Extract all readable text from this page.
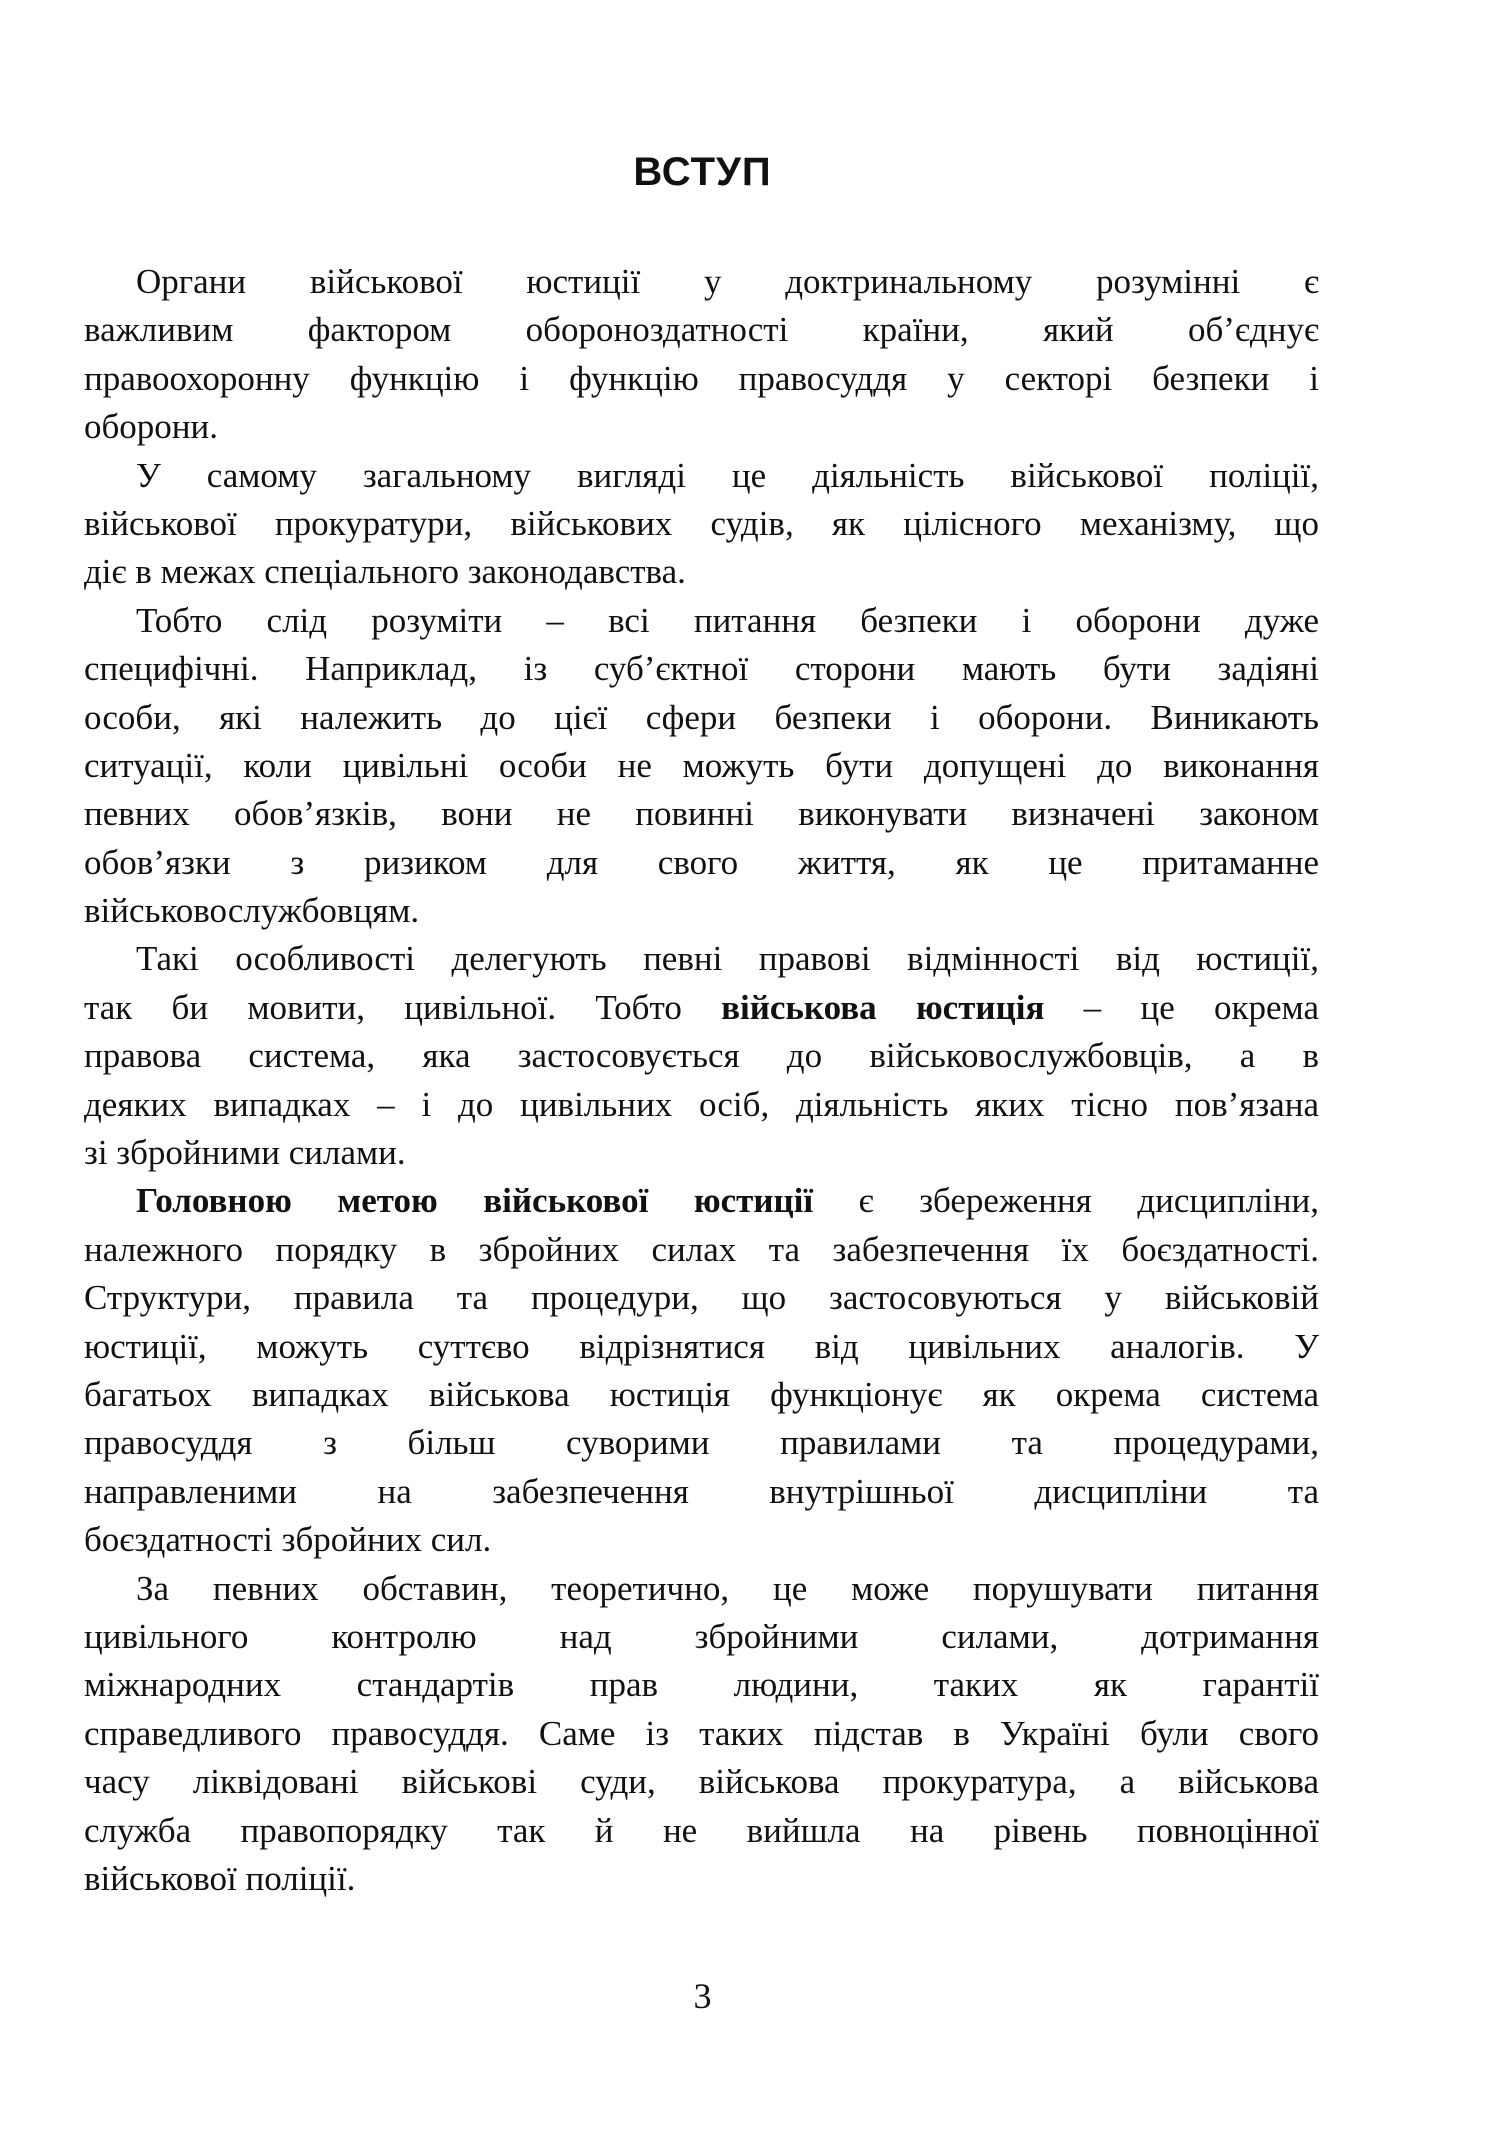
ВСТУП
Органи військової юстиції у доктринальному розумінні є
важливим фактором обороноздатності країни, який об’єднує
правоохоронну функцію і функцію правосуддя у секторі безпеки і
оборони.
У самому загальному вигляді це діяльність військової поліції,
військової прокуратури, військових судів, як цілісного механізму, що
діє в межах спеціального законодавства.
Тобто слід розуміти – всі питання безпеки і оборони дуже
специфічні. Наприклад, із суб’єктної сторони мають бути задіяні
особи, які належить до цієї сфери безпеки і оборони. Виникають
ситуації, коли цивільні особи не можуть бути допущені до виконання
певних обов’язків, вони не повинні виконувати визначені законом
обов’язки з ризиком для свого життя, як це притаманне
військовослужбовцям.
Такі особливості делегують певні правові відмінності від юстиції,
так би мовити, цивільної. Тобто військова юстиція – це окрема
правова система, яка застосовується до військовослужбовців, а в
деяких випадках – і до цивільних осіб, діяльність яких тісно пов’язана
зі збройними силами.
Головною метою військової юстиції є збереження дисципліни,
належного порядку в збройних силах та забезпечення їх боєздатності.
Структури, правила та процедури, що застосовуються у військовій
юстиції, можуть суттєво відрізнятися від цивільних аналогів. У
багатьох випадках військова юстиція функціонує як окрема система
правосуддя з більш суворими правилами та процедурами,
направленими на забезпечення внутрішньої дисципліни та
боєздатності збройних сил.
За певних обставин, теоретично, це може порушувати питання
цивільного контролю над збройними силами, дотримання
міжнародних стандартів прав людини, таких як гарантії
справедливого правосуддя. Саме із таких підстав в Україні були свого
часу ліквідовані військові суди, військова прокуратура, а військова
служба правопорядку так й не вийшла на рівень повноцінної
військової поліції.
3
